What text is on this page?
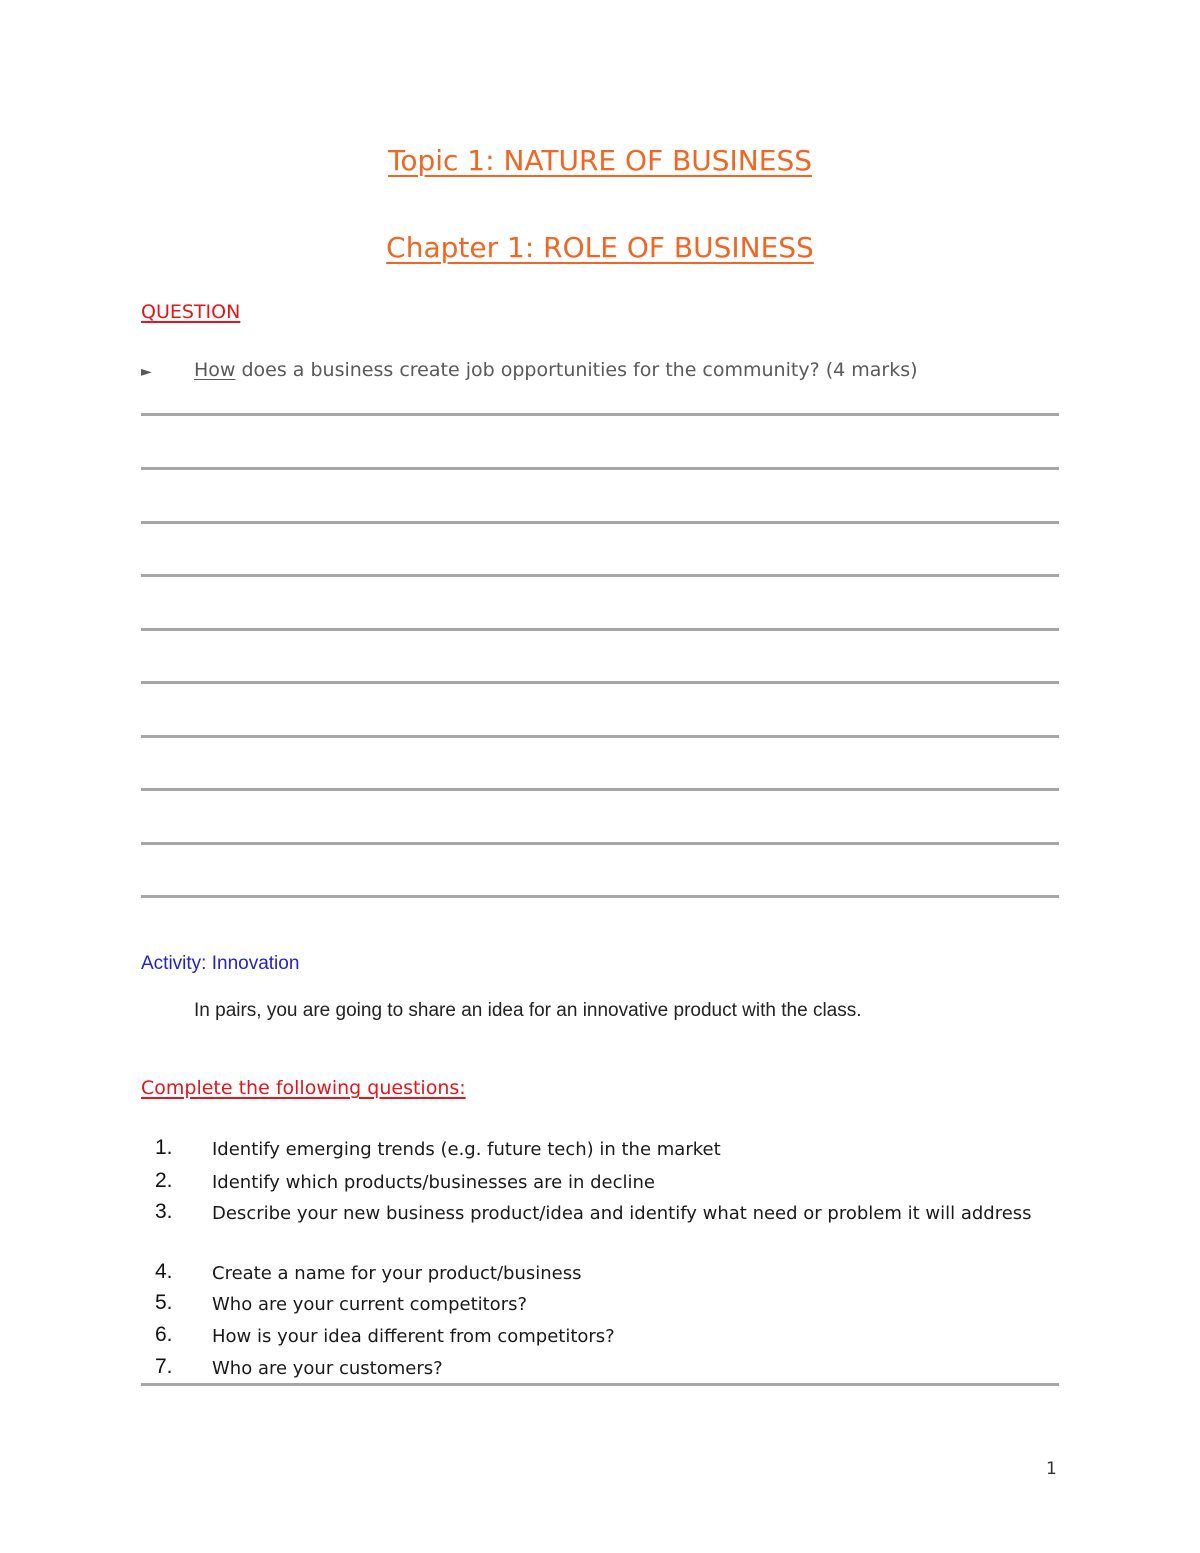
Topic 1: NATURE OF BUSINESS
Chapter 1: ROLE OF BUSINESS
QUESTION
►	How does a business create job opportunities for the community? (4 marks)
Activity: Innovation
In pairs, you are going to share an idea for an innovative product with the class.
Complete the following questions:
1. Identify emerging trends (e.g. future tech) in the market
2. Identify which products/businesses are in decline
3. Describe your new business product/idea and identify what need or problem it will address
4. Create a name for your product/business
5. Who are your current competitors?
6. How is your idea different from competitors?
7. Who are your customers?
1
